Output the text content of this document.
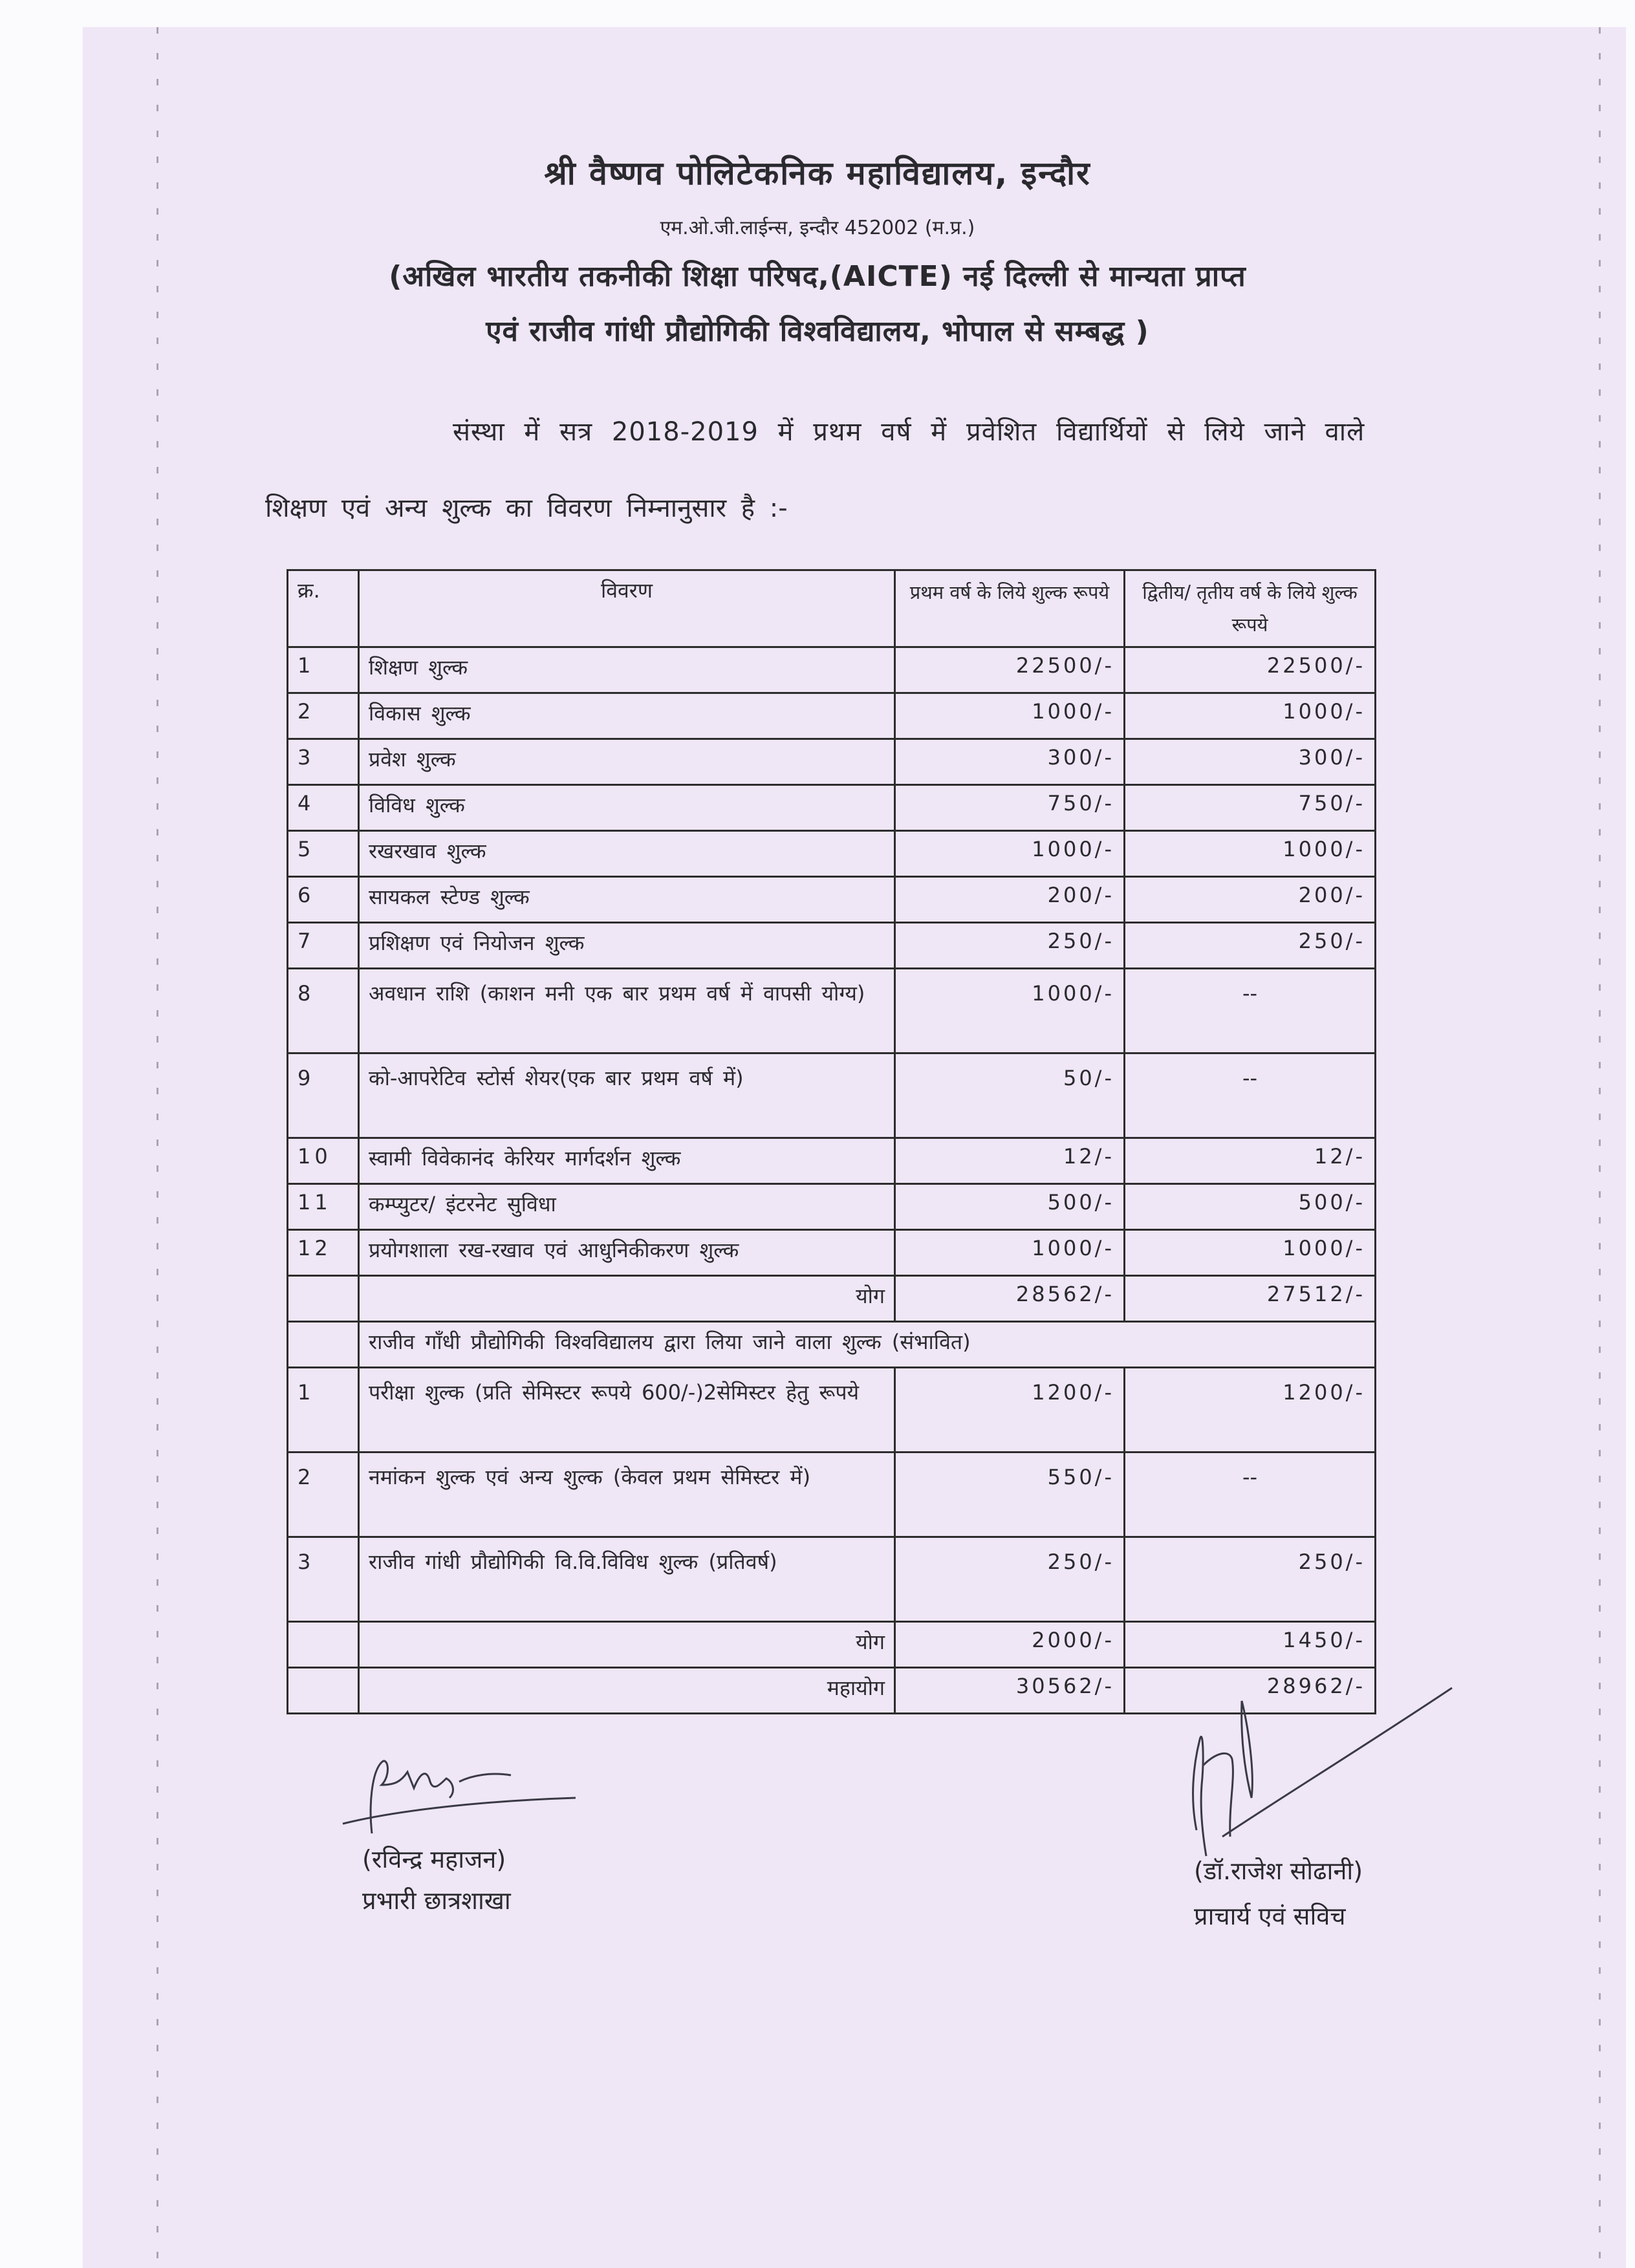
श्री वैष्णव पोलिटेकनिक महाविद्यालय, इन्दौर
एम.ओ.जी.लाईन्स, इन्दौर 452002 (म.प्र.)
(अखिल भारतीय तकनीकी शिक्षा परिषद,(AICTE) नई दिल्ली से मान्यता प्राप्त
एवं राजीव गांधी प्रौद्योगिकी विश्वविद्यालय, भोपाल से सम्बद्ध )
संस्था में सत्र 2018-2019 में प्रथम वर्ष में प्रवेशित विद्यार्थियों से लिये जाने वाले
शिक्षण एवं अन्य शुल्क का विवरण निम्नानुसार है :-
क्र.	विवरण	प्रथम वर्ष के लिये शुल्क रूपये	द्वितीय/ तृतीय वर्ष के लिये शुल्क रूपये
1	शिक्षण शुल्क	22500/-	22500/-
2	विकास शुल्क	1000/-	1000/-
3	प्रवेश शुल्क	300/-	300/-
4	विविध शुल्क	750/-	750/-
5	रखरखाव शुल्क	1000/-	1000/-
6	सायकल स्टेण्ड शुल्क	200/-	200/-
7	प्रशिक्षण एवं नियोजन शुल्क	250/-	250/-
8	अवधान राशि (काशन मनी एक बार प्रथम वर्ष में वापसी योग्य)	1000/-	--
9	को-आपरेटिव स्टोर्स शेयर(एक बार प्रथम वर्ष में)	50/-	--
10	स्वामी विवेकानंद केरियर मार्गदर्शन शुल्क	12/-	12/-
11	कम्प्युटर/ इंटरनेट सुविधा	500/-	500/-
12	प्रयोगशाला रख-रखाव एवं आधुनिकीकरण शुल्क	1000/-	1000/-
	योग	28562/-	27512/-
	राजीव गाँधी प्रौद्योगिकी विश्वविद्यालय द्वारा लिया जाने वाला शुल्क (संभावित)		
1	परीक्षा शुल्क (प्रति सेमिस्टर रूपये 600/-)2सेमिस्टर हेतु रूपये	1200/-	1200/-
2	नमांकन शुल्क एवं अन्य शुल्क (केवल प्रथम सेमिस्टर में)	550/-	--
3	राजीव गांधी प्रौद्योगिकी वि.वि.विविध शुल्क (प्रतिवर्ष)	250/-	250/-
	योग	2000/-	1450/-
	महायोग	30562/-	28962/-
(रविन्द्र महाजन)
प्रभारी छात्रशाखा
(डॉ.राजेश सोढानी)
प्राचार्य एवं सविच
